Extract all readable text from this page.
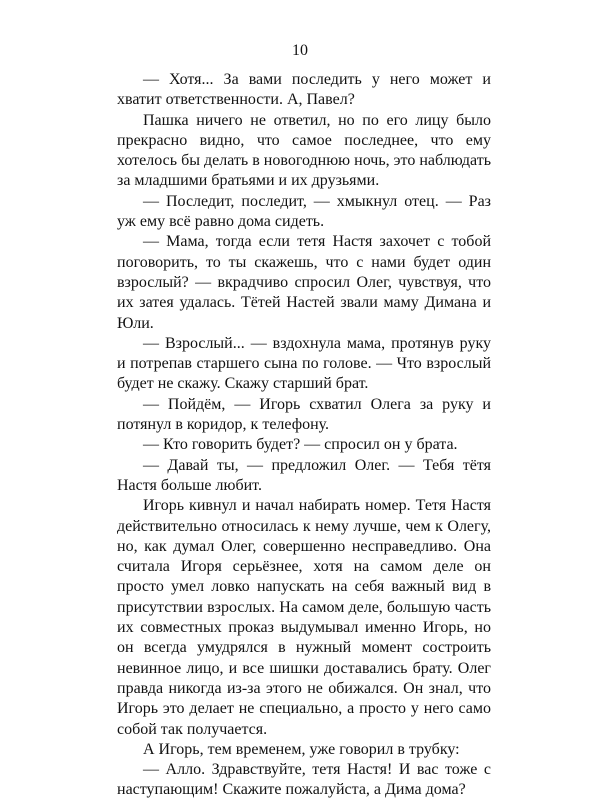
10

— Хотя... За вами последить у него может и хватит ответственности. А, Павел?

Пашка ничего не ответил, но по его лицу было прекрасно видно, что самое последнее, что ему хотелось бы делать в новогоднюю ночь, это наблюдать за младшими братьями и их друзьями.

— Последит, последит, — хмыкнул отец. — Раз уж ему всё равно дома сидеть.

— Мама, тогда если тетя Настя захочет с тобой поговорить, то ты скажешь, что с нами будет один взрослый? — вкрадчиво спросил Олег, чувствуя, что их затея удалась. Тётей Настей звали маму Димана и Юли.

— Взрослый... — вздохнула мама, протянув руку и потрепав старшего сына по голове. — Что взрослый будет не скажу. Скажу старший брат.

— Пойдём, — Игорь схватил Олега за руку и потянул в коридор, к телефону.

— Кто говорить будет? — спросил он у брата.

— Давай ты, — предложил Олег. — Тебя тётя Настя больше любит.

Игорь кивнул и начал набирать номер. Тетя Настя действительно относилась к нему лучше, чем к Олегу, но, как думал Олег, совершенно несправедливо. Она считала Игоря серьёзнее, хотя на самом деле он просто умел ловко напускать на себя важный вид в присутствии взрослых. На самом деле, большую часть их совместных проказ выдумывал именно Игорь, но он всегда умудрялся в нужный момент состроить невинное лицо, и все шишки доставались брату. Олег правда никогда из-за этого не обижался. Он знал, что Игорь это делает не специально, а просто у него само собой так получается.

А Игорь, тем временем, уже говорил в трубку:

— Алло. Здравствуйте, тетя Настя! И вас тоже с наступающим! Скажите пожалуйста, а Дима дома?
